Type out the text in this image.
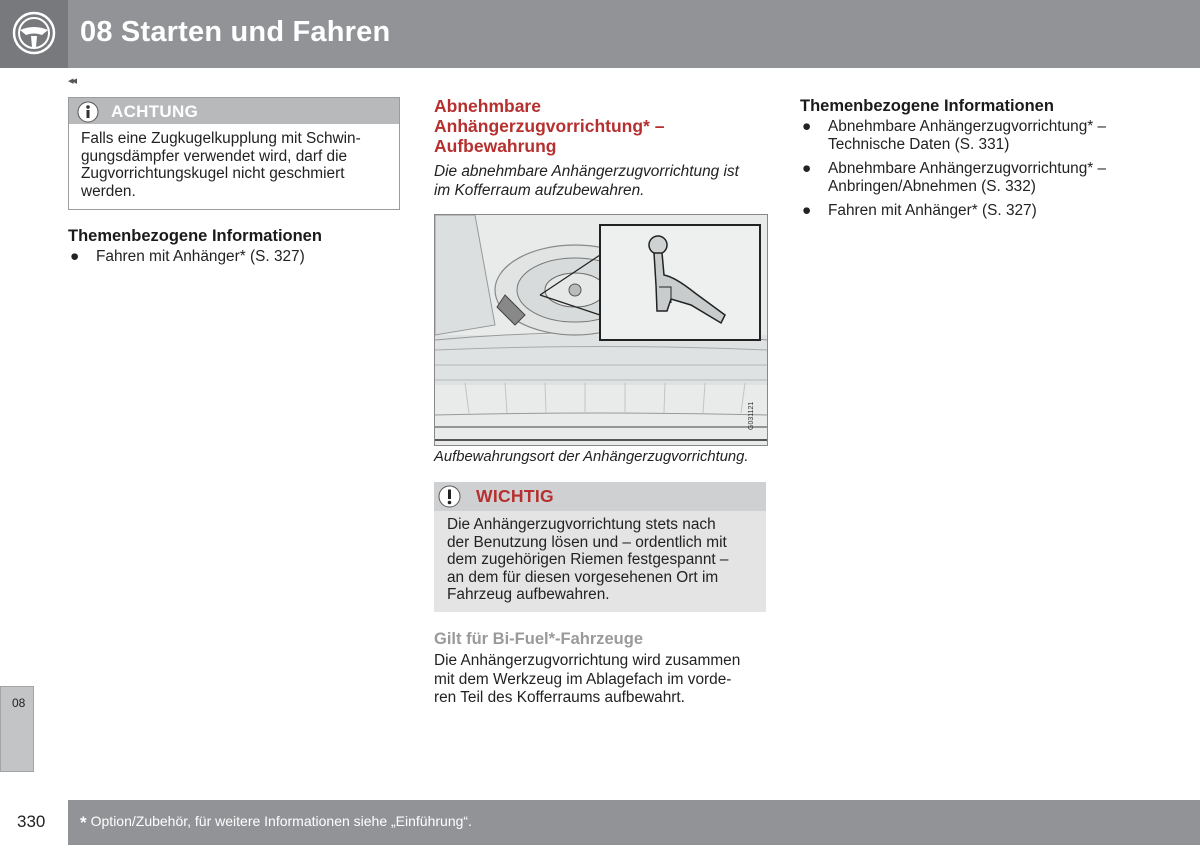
08 Starten und Fahren
◂◂
ACHTUNG
Falls eine Zugkugelkupplung mit Schwin-
gungsdämpfer verwendet wird, darf die
Zugvorrichtungskugel nicht geschmiert
werden.
Themenbezogene Informationen
● Fahren mit Anhänger* (S. 327)
Abnehmbare
Anhängerzugvorrichtung* –
Aufbewahrung
Die abnehmbare Anhängerzugvorrichtung ist
im Kofferraum aufzubewahren.
G031121
Aufbewahrungsort der Anhängerzugvorrichtung.
WICHTIG
Die Anhängerzugvorrichtung stets nach
der Benutzung lösen und – ordentlich mit
dem zugehörigen Riemen festgespannt –
an dem für diesen vorgesehenen Ort im
Fahrzeug aufbewahren.
Gilt für Bi-Fuel*-Fahrzeuge
Die Anhängerzugvorrichtung wird zusammen
mit dem Werkzeug im Ablagefach im vorde-
ren Teil des Kofferraums aufbewahrt.
Themenbezogene Informationen
● Abnehmbare Anhängerzugvorrichtung* –
Technische Daten (S. 331)
● Abnehmbare Anhängerzugvorrichtung* –
Anbringen/Abnehmen (S. 332)
● Fahren mit Anhänger* (S. 327)
08
330 * Option/Zubehör, für weitere Informationen siehe „Einführung“.
